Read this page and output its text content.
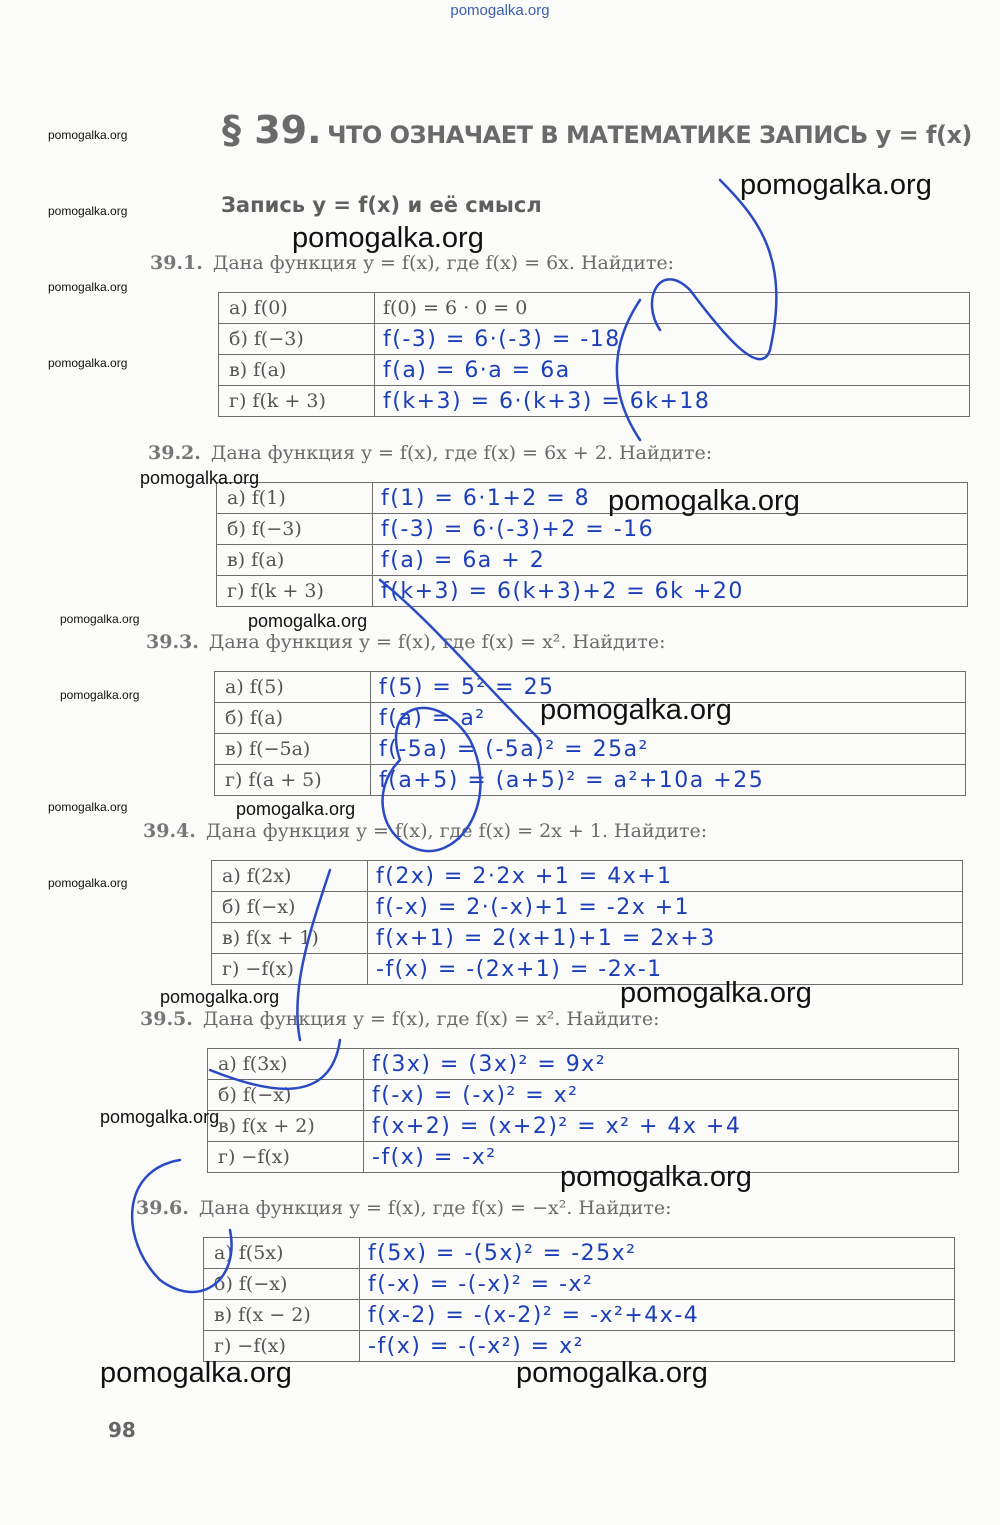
pomogalka.org
§ 39. ЧТО ОЗНАЧАЕТ В МАТЕМАТИКЕ ЗАПИСЬ y = f(x)
Запись y = f(x) и её смысл
39.1. Дана функция y = f(x), где f(x) = 6x. Найдите:
а) f(0)	f(0) = 6 · 0 = 0
б) f(−3)	f(-3) = 6·(-3) = -18
в) f(a)	f(a) = 6·a = 6a
г) f(k + 3)	f(k+3) = 6·(k+3) = 6k+18
39.2. Дана функция y = f(x), где f(x) = 6x + 2. Найдите:
а) f(1)	f(1) = 6·1+2 = 8
б) f(−3)	f(-3) = 6·(-3)+2 = -16
в) f(a)	f(a) = 6a + 2
г) f(k + 3)	f(k+3) = 6(k+3)+2 = 6k +20
39.3. Дана функция y = f(x), где f(x) = x². Найдите:
а) f(5)	f(5) = 5² = 25
б) f(a)	f(a) = a²
в) f(−5a)	f(-5a) = (-5a)² = 25a²
г) f(a + 5)	f(a+5) = (a+5)² = a²+10a +25
39.4. Дана функция y = f(x), где f(x) = 2x + 1. Найдите:
а) f(2x)	f(2x) = 2·2x +1 = 4x+1
б) f(−x)	f(-x) = 2·(-x)+1 = -2x +1
в) f(x + 1)	f(x+1) = 2(x+1)+1 = 2x+3
г) −f(x)	-f(x) = -(2x+1) = -2x-1
39.5. Дана функция y = f(x), где f(x) = x². Найдите:
а) f(3x)	f(3x) = (3x)² = 9x²
б) f(−x)	f(-x) = (-x)² = x²
в) f(x + 2)	f(x+2) = (x+2)² = x² + 4x +4
г) −f(x)	-f(x) = -x²
39.6. Дана функция y = f(x), где f(x) = −x². Найдите:
а) f(5x)	f(5x) = -(5x)² = -25x²
б) f(−x)	f(-x) = -(-x)² = -x²
в) f(x − 2)	f(x-2) = -(x-2)² = -x²+4x-4
г) −f(x)	-f(x) = -(-x²) = x²
pomogalka.org
pomogalka.org
pomogalka.org
pomogalka.org
pomogalka.org
pomogalka.org
pomogalka.org
pomogalka.org
pomogalka.org
pomogalka.org
pomogalka.org
pomogalka.org
pomogalka.org
pomogalka.org
pomogalka.org
pomogalka.org
pomogalka.org
pomogalka.org
pomogalka.org
pomogalka.org	pomogalka.org
98
